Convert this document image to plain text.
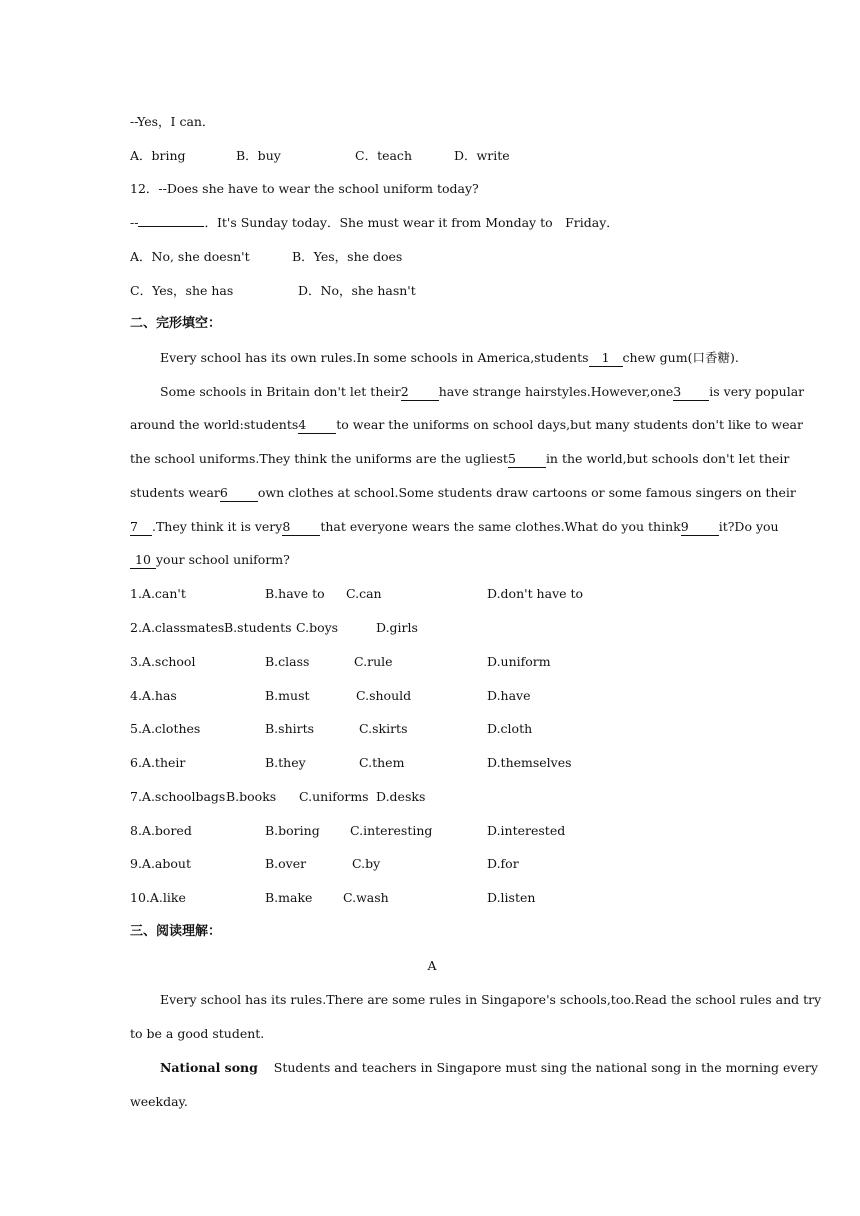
--Yes，I can．
A．bring	B．buy	C．teach	D．write
12．--Does she have to wear the school uniform today?
--	．It's Sunday today．She must wear it from Monday to　Friday．
A．No, she doesn't	B．Yes，she does
C．Yes，she has	D．No，she hasn't
二、完形填空：
Every school has its own rules.In some schools in America,students 1 chew gum(口香糖).
Some schools in Britain don't let their2 have strange hairstyles.However,one3 is very popular
around the world:students4 to wear the uniforms on school days,but many students don't like to wear
the school uniforms.They think the uniforms are the ugliest5 in the world,but schools don't let their
students wear6 own clothes at school.Some students draw cartoons or some famous singers on their
7 .They think it is very8 that everyone wears the same clothes.What do you think9 it?Do you
10 your school uniform?
1.A.can't	B.have to C.can	D.don't have to
2.A.classmates B.students C.boys	D.girls
3.A.school	B.class	C.rule	D.uniform
4.A.has	B.must	C.should	D.have
5.A.clothes	B.shirts	C.skirts	D.cloth
6.A.their	B.they	C.them	D.themselves
7.A.schoolbags B.books C.uniforms D.desks
8.A.bored	B.boring C.interesting	D.interested
9.A.about	B.over	C.by	D.for
10.A.like	B.make C.wash	D.listen
三、阅读理解：
A
Every school has its rules.There are some rules in Singapore's schools,too.Read the school rules and try
to be a good student.
National song Students and teachers in Singapore must sing the national song in the morning every
weekday.
